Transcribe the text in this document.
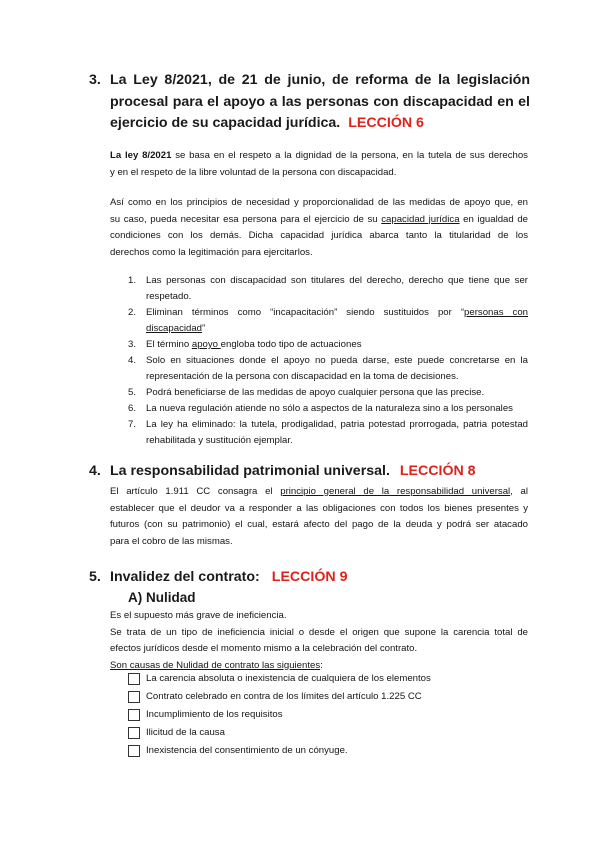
3. La Ley 8/2021, de 21 de junio, de reforma de la legislación
procesal para el apoyo a las personas con discapacidad en el
ejercicio de su capacidad jurídica. LECCIÓN 6
La ley 8/2021 se basa en el respeto a la dignidad de la persona, en la tutela de sus derechos
y en el respeto de la libre voluntad de la persona con discapacidad.
Así como en los principios de necesidad y proporcionalidad de las medidas de apoyo que, en
su caso, pueda necesitar esa persona para el ejercicio de su capacidad jurídica en igualdad de
condiciones con los demás. Dicha capacidad jurídica abarca tanto la titularidad de los
derechos como la legitimación para ejercitarlos.
1. Las personas con discapacidad son titulares del derecho, derecho que tiene que ser respetado.
2. Eliminan términos como “incapacitación” siendo sustituidos por “personas con discapacidad”
3. El término apoyo engloba todo tipo de actuaciones
4. Solo en situaciones donde el apoyo no pueda darse, este puede concretarse en la representación de la persona con discapacidad en la toma de decisiones.
5. Podrá beneficiarse de las medidas de apoyo cualquier persona que las precise.
6. La nueva regulación atiende no sólo a aspectos de la naturaleza sino a los personales
7. La ley ha eliminado: la tutela, prodigalidad, patria potestad prorrogada, patria potestad rehabilitada y sustitución ejemplar.
4. La responsabilidad patrimonial universal. LECCIÓN 8
El artículo 1.911 CC consagra el principio general de la responsabilidad universal, al
establecer que el deudor va a responder a las obligaciones con todos los bienes presentes y
futuros (con su patrimonio) el cual, estará afecto del pago de la deuda y podrá ser atacado
para el cobro de las mismas.
5. Invalidez del contrato: LECCIÓN 9
A) Nulidad
Es el supuesto más grave de ineficiencia.
Se trata de un tipo de ineficiencia inicial o desde el origen que supone la carencia total de
efectos jurídicos desde el momento mismo a la celebración del contrato.
Son causas de Nulidad de contrato las siguientes:
La carencia absoluta o inexistencia de cualquiera de los elementos
Contrato celebrado en contra de los límites del artículo 1.225 CC
Incumplimiento de los requisitos
Ilicitud de la causa
Inexistencia del consentimiento de un cónyuge.
